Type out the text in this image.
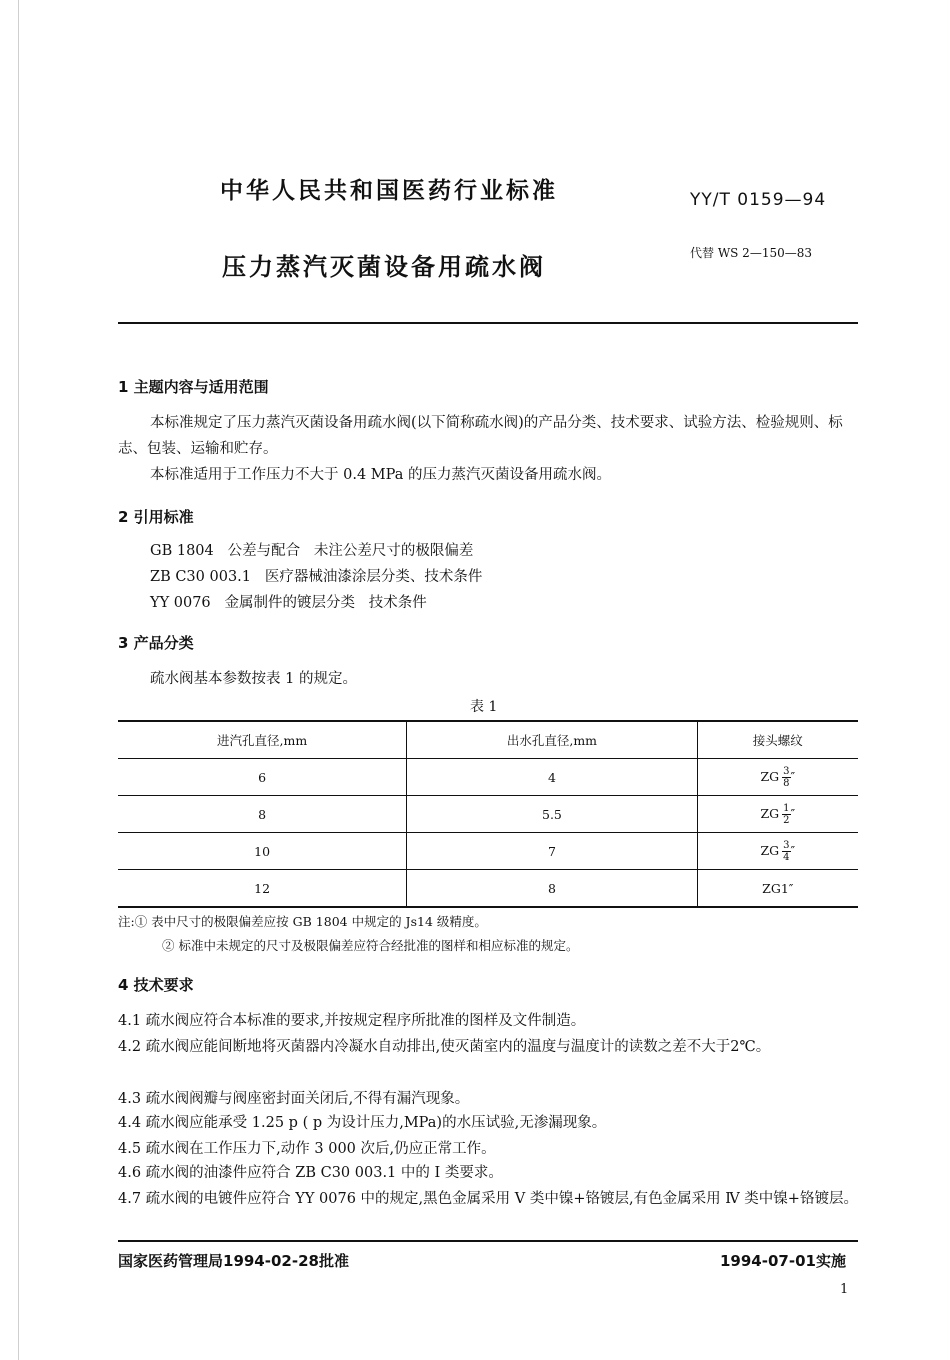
中华人民共和国医药行业标准	YY/T 0159—94
压力蒸汽灭菌设备用疏水阀	代替 WS 2—150—83
1 主题内容与适用范围
本标准规定了压力蒸汽灭菌设备用疏水阀(以下简称疏水阀)的产品分类、技术要求、试验方法、检验规则、标志、包装、运输和贮存。
本标准适用于工作压力不大于 0.4 MPa 的压力蒸汽灭菌设备用疏水阀。
2 引用标准
GB 1804   公差与配合   未注公差尺寸的极限偏差
ZB C30 003.1   医疗器械油漆涂层分类、技术条件
YY 0076   金属制件的镀层分类   技术条件
3 产品分类
疏水阀基本参数按表 1 的规定。
表 1
进汽孔直径,mm	出水孔直径,mm	接头螺纹
6	4	ZG $\frac{3}{8}$ ″
8	5.5	ZG $\frac{1}{2}$ ″
10	7	ZG $\frac{3}{4}$ ″
12	8	ZG1″
注:① 表中尺寸的极限偏差应按 GB 1804 中规定的 Js14 级精度。
② 标准中未规定的尺寸及极限偏差应符合经批准的图样和相应标准的规定。
4 技术要求
4.1 疏水阀应符合本标准的要求,并按规定程序所批准的图样及文件制造。
4.2 疏水阀应能间断地将灭菌器内冷凝水自动排出,使灭菌室内的温度与温度计的读数之差不大于2℃。
4.3 疏水阀阀瓣与阀座密封面关闭后,不得有漏汽现象。
4.4 疏水阀应能承受 1.25 p ( p 为设计压力,MPa)的水压试验,无渗漏现象。
4.5 疏水阀在工作压力下,动作 3 000 次后,仍应正常工作。
4.6 疏水阀的油漆件应符合 ZB C30 003.1 中的 Ⅰ 类要求。
4.7 疏水阀的电镀件应符合 YY 0076 中的规定,黑色金属采用 Ⅴ 类中镍+铬镀层,有色金属采用 Ⅳ 类中镍+铬镀层。
国家医药管理局1994-02-28批准	1994-07-01实施
1
